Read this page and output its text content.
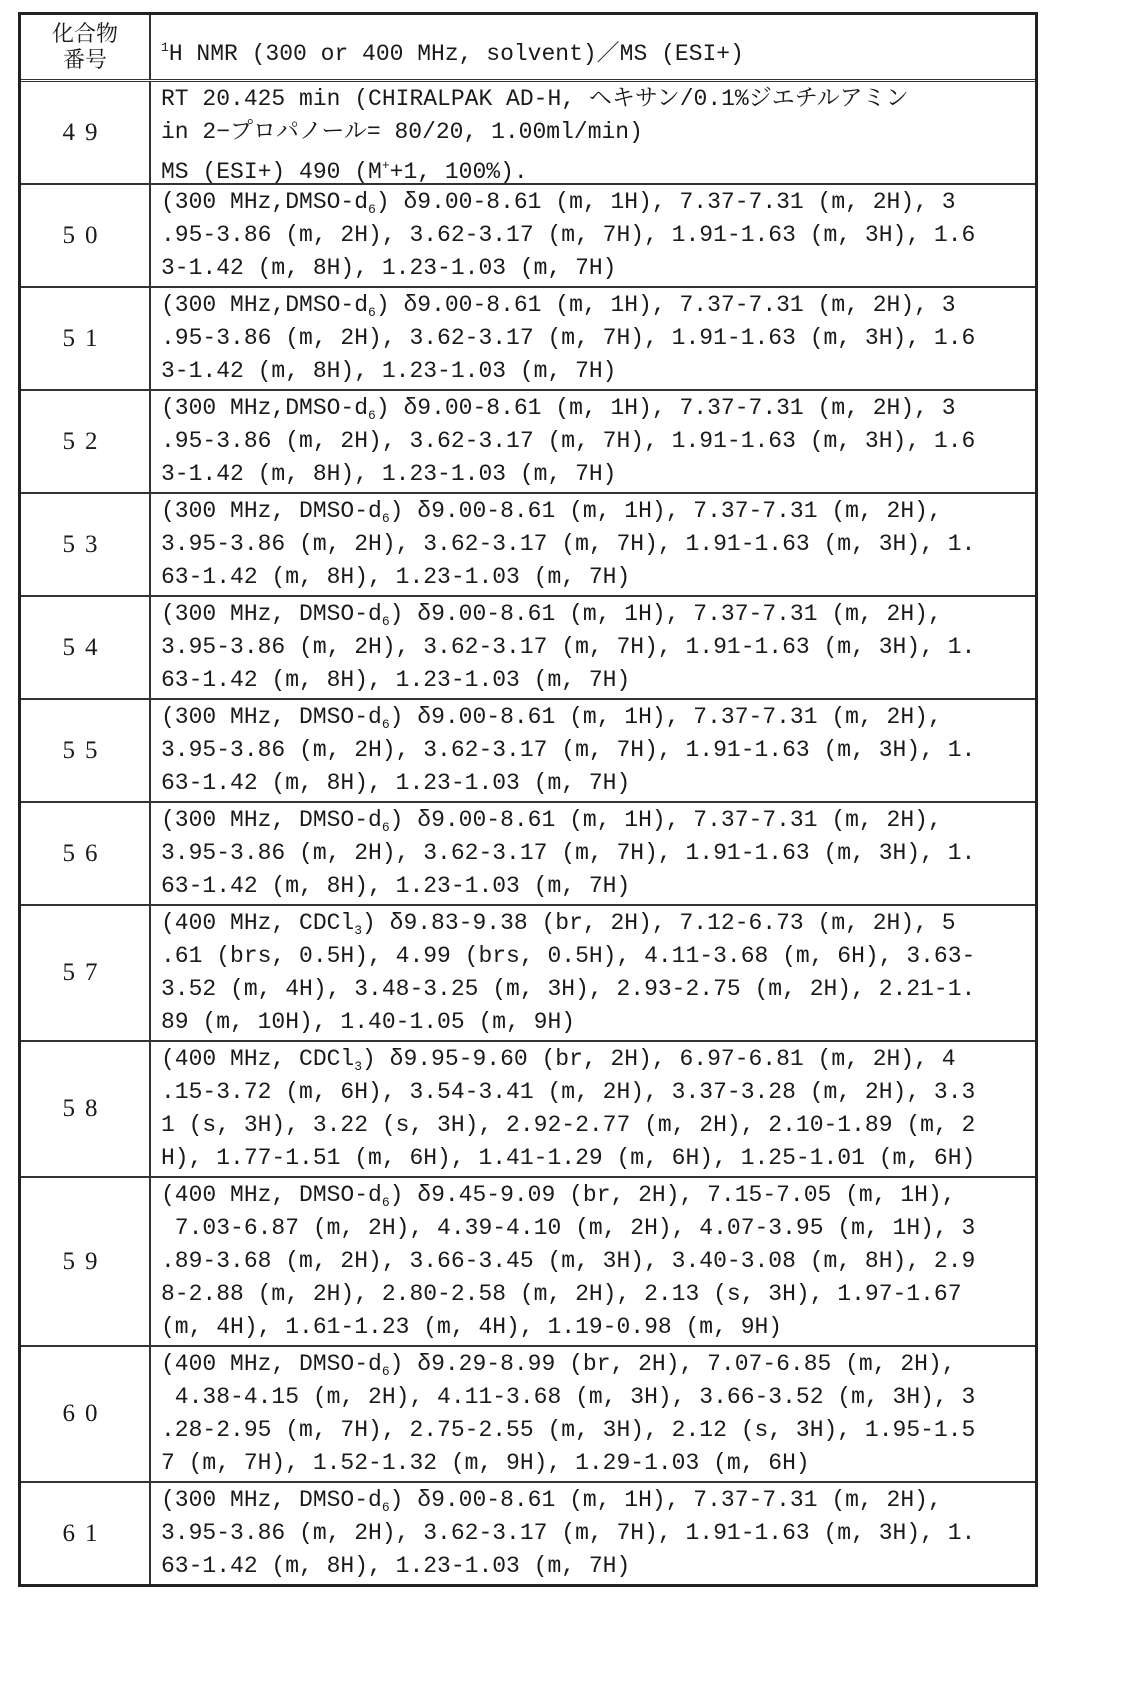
化合物
番号	1H NMR (300 or 400 MHz, solvent)／MS (ESI+)
49
RT 20.425 min (CHIRALPAK AD-H, ヘキサン/0.1%ジエチルアミン
in 2−プロパノール= 80/20, 1.00ml/min)
MS (ESI+) 490 (M++1, 100%).
50
(300 MHz,DMSO-d6) δ9.00-8.61 (m, 1H), 7.37-7.31 (m, 2H), 3
.95-3.86 (m, 2H), 3.62-3.17 (m, 7H), 1.91-1.63 (m, 3H), 1.6
3-1.42 (m, 8H), 1.23-1.03 (m, 7H)
51
(300 MHz,DMSO-d6) δ9.00-8.61 (m, 1H), 7.37-7.31 (m, 2H), 3
.95-3.86 (m, 2H), 3.62-3.17 (m, 7H), 1.91-1.63 (m, 3H), 1.6
3-1.42 (m, 8H), 1.23-1.03 (m, 7H)
52
(300 MHz,DMSO-d6) δ9.00-8.61 (m, 1H), 7.37-7.31 (m, 2H), 3
.95-3.86 (m, 2H), 3.62-3.17 (m, 7H), 1.91-1.63 (m, 3H), 1.6
3-1.42 (m, 8H), 1.23-1.03 (m, 7H)
53
(300 MHz, DMSO-d6) δ9.00-8.61 (m, 1H), 7.37-7.31 (m, 2H),
3.95-3.86 (m, 2H), 3.62-3.17 (m, 7H), 1.91-1.63 (m, 3H), 1.
63-1.42 (m, 8H), 1.23-1.03 (m, 7H)
54
(300 MHz, DMSO-d6) δ9.00-8.61 (m, 1H), 7.37-7.31 (m, 2H),
3.95-3.86 (m, 2H), 3.62-3.17 (m, 7H), 1.91-1.63 (m, 3H), 1.
63-1.42 (m, 8H), 1.23-1.03 (m, 7H)
55
(300 MHz, DMSO-d6) δ9.00-8.61 (m, 1H), 7.37-7.31 (m, 2H),
3.95-3.86 (m, 2H), 3.62-3.17 (m, 7H), 1.91-1.63 (m, 3H), 1.
63-1.42 (m, 8H), 1.23-1.03 (m, 7H)
56
(300 MHz, DMSO-d6) δ9.00-8.61 (m, 1H), 7.37-7.31 (m, 2H),
3.95-3.86 (m, 2H), 3.62-3.17 (m, 7H), 1.91-1.63 (m, 3H), 1.
63-1.42 (m, 8H), 1.23-1.03 (m, 7H)
57
(400 MHz, CDCl3) δ9.83-9.38 (br, 2H), 7.12-6.73 (m, 2H), 5
.61 (brs, 0.5H), 4.99 (brs, 0.5H), 4.11-3.68 (m, 6H), 3.63-
3.52 (m, 4H), 3.48-3.25 (m, 3H), 2.93-2.75 (m, 2H), 2.21-1.
89 (m, 10H), 1.40-1.05 (m, 9H)
58
(400 MHz, CDCl3) δ9.95-9.60 (br, 2H), 6.97-6.81 (m, 2H), 4
.15-3.72 (m, 6H), 3.54-3.41 (m, 2H), 3.37-3.28 (m, 2H), 3.3
1 (s, 3H), 3.22 (s, 3H), 2.92-2.77 (m, 2H), 2.10-1.89 (m, 2
H), 1.77-1.51 (m, 6H), 1.41-1.29 (m, 6H), 1.25-1.01 (m, 6H)
59
(400 MHz, DMSO-d6) δ9.45-9.09 (br, 2H), 7.15-7.05 (m, 1H),
7.03-6.87 (m, 2H), 4.39-4.10 (m, 2H), 4.07-3.95 (m, 1H), 3
.89-3.68 (m, 2H), 3.66-3.45 (m, 3H), 3.40-3.08 (m, 8H), 2.9
8-2.88 (m, 2H), 2.80-2.58 (m, 2H), 2.13 (s, 3H), 1.97-1.67
(m, 4H), 1.61-1.23 (m, 4H), 1.19-0.98 (m, 9H)
60
(400 MHz, DMSO-d6) δ9.29-8.99 (br, 2H), 7.07-6.85 (m, 2H),
4.38-4.15 (m, 2H), 4.11-3.68 (m, 3H), 3.66-3.52 (m, 3H), 3
.28-2.95 (m, 7H), 2.75-2.55 (m, 3H), 2.12 (s, 3H), 1.95-1.5
7 (m, 7H), 1.52-1.32 (m, 9H), 1.29-1.03 (m, 6H)
61
(300 MHz, DMSO-d6) δ9.00-8.61 (m, 1H), 7.37-7.31 (m, 2H),
3.95-3.86 (m, 2H), 3.62-3.17 (m, 7H), 1.91-1.63 (m, 3H), 1.
63-1.42 (m, 8H), 1.23-1.03 (m, 7H)
